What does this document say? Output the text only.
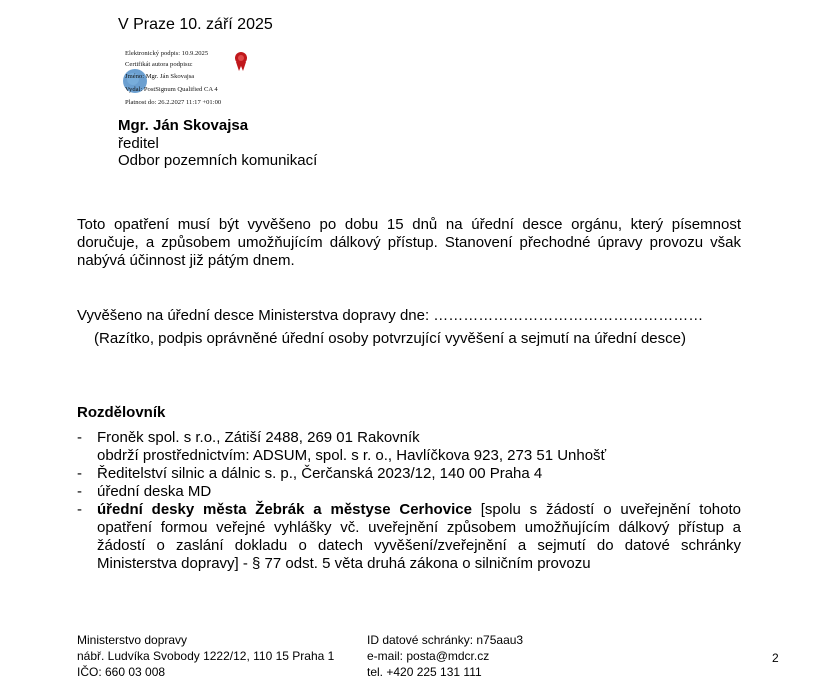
V Praze 10. září 2025
Elektronický podpis: 10.9.2025
Certifikát autora podpisu:
Jméno: Mgr. Ján Skovajsa
Vydal: PostSignum Qualified CA 4
Platnost do: 26.2.2027 11:17 +01:00
Mgr. Ján Skovajsa
ředitel
Odbor pozemních komunikací
Toto opatření musí být vyvěšeno po dobu 15 dnů na úřední desce orgánu, který písemnost doručuje, a způsobem umožňujícím dálkový přístup. Stanovení přechodné úpravy provozu však nabývá účinnost již pátým dnem.
Vyvěšeno na úřední desce Ministerstva dopravy dne: ………………………………………………
(Razítko, podpis oprávněné úřední osoby potvrzující vyvěšení a sejmutí na úřední desce)
Rozdělovník
- Froněk spol. s r.o., Zátiší 2488, 269 01 Rakovník
obdrží prostřednictvím: ADSUM, spol. s r. o., Havlíčkova 923, 273 51 Unhošť
- Ředitelství silnic a dálnic s. p., Čerčanská 2023/12, 140 00 Praha 4
- úřední deska MD
- úřední desky města Žebrák a městyse Cerhovice [spolu s žádostí o uveřejnění tohoto opatření formou veřejné vyhlášky vč. uveřejnění způsobem umožňujícím dálkový přístup a žádostí o zaslání dokladu o datech vyvěšení/zveřejnění a sejmutí do datové schránky Ministerstva dopravy] - § 77 odst. 5 věta druhá zákona o silničním provozu
Ministerstvo dopravy
nábř. Ludvíka Svobody 1222/12, 110 15 Praha 1
IČO: 660 03 008
ID datové schránky: n75aau3
e-mail: posta@mdcr.cz
tel. +420 225 131 111
2
